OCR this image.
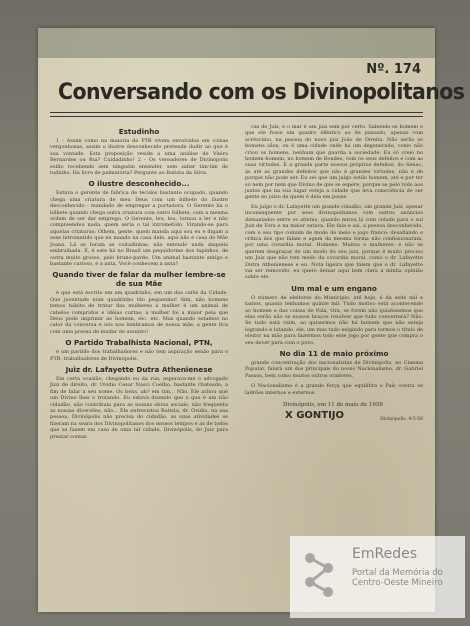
Nº. 174
Conversando com os Divinopolitanos
Estudinho

1 - Assim como na maioria do PTB vivem envolvidos em coisas vergonhosas, assim o ilustre desconhecido pretende iludir ao que é sua vontade. Esta proposição reside a uma análise de Vieira Bernardes ou Rui? Cuidadinho! 2 - Os vereadores de Divinópolis estão recebendo sem ninguém entender, sem saber tim-tim de tudinho. Ha livro de palmatória? Pergunte ao Batista da Silva.

O ilustre desconhecido...

Estava o gerente de fabrica de tecidos bastante ocupado, quando chega uma criatura de meu Deus com um bilhete do ilustre desconhecido - mandado de empregar a portadora. O Gerente lia o bilhete quando chega outra criatura com outro bilhete, com a mesma ordem de ser dar emprego. O Gerente, leu, leu, tornou a ler e não compreendeu nada, quem seria o tal intrometido. Virando-se para aquelas criaturas: Olhem, gente, quem manda aqui sou eu e digam a esse intrometido que eu mando na casa dele, aqui não é casa de Mãe Joana. Lá se foram as coitadinhas, não entendo nada daquela embrulhada. É, é este há no Brasil um pequidorme dos tapinhos, de outra muito grosso, pelo bruno-pardo. Um animal bastante antigo e bastante curioso, é a anta. Você conhecem a anta?

Quando tiver de falar da mulher lembre-se de sua Mãe

é que está escrito em um quadrinho, em um dos cafés da Cidade. Que juventude num quadrinho tão pequenino! Sim, não homens temos hábito de tratar das mulheres a mulher é um animal de cabelos compridos e idéias curtas; a mulher foi a maior peia que Deus pode imprimir ao homem, etc. etc. Mas quando estamos no calor da conversa e nós nos lembramos de nossa mãe, a gente fica com uma pressa de mudar de assunto!

O Partido Trabalhista Nacional, PTN,

é um partido dos trabalhadores e não tem aspiração senão para o PTB, trabalhadores de Divinópolis.

Juiz dr. Lafayette Dutra Athenienese

Em certa ocasião, chegando eu da rua, esperava-me o advogado Juiz de direito, dr. Ovidio Cesar Nasci Coelho, bastante chateado, a fim de falar a seu nome. Os bens, ah? em tim... Não. Ele achou que um Divino lhes o trotando. Eu estava dizendo que o que é um não cidadão, não contribuía para as nossas obras sociais, não frequenta as nossas diversões, não... Ele entrevistou Batista, dr. Ovidio, na sua pessoa, Divinópolis não precisa do cidadão, as suas atividades se fizeram na seara dos Divinopolitanos dos nossos tempos e as de todos que se fazem em casa de uma tal cidade, Divinópolis, do Juiz para prestar contas

cas de Juiz, e o mar é um juiz sem por certo. Sabendo-se homem e que ele fosse um quadro idêntico ao de passado, apenas com acréscimo, na pessoa do novo juiz João de Direita. Não serão só homens sãos, ou é uma cidade onde há um degenerado, como não criou os homens, nenhum que guarda a sociedade. Eu só creio no homem-homem, no homem de Bondes, com os seus defeitos e com as suas virtudes. E a grande parte nossos próprios defeitos, do Senac, às até as grandes defeitos que não é grandes virtudes, não é de porque não pode ser. Eu sei que um julgo estilo homem, até e por ter só nem por nem que Divino de que se espere, porque se pelo todo aos justos que na sua lugar esteja a cidade que leva consciência de ser gente no juízo de quem é dela em posse.

Eu julgo o dr. Lafayette um grande cidadão, um grande Juiz, apesar inconsequente por seus divinopolitanos com outros anúncios demasiados entre os atletas, quando mirou lá com cidade para o sul Juiz de Fora e na maior estava. Ele fala e sai, a pessoa desconhecido, com o seu tipo comum de modo do meio e jogo franco: desafiando e crítica dos que falam e agem da mesma forma não confissionaram, por uma covardia moral. Homens: Muitos e mulheres: e não se querem desgraçar de um modo do seu juiz, porque é muito preciso um Juiz que não tem medo da covardia moral, como o dr. Lafayette Dutra Athenienese e eu. Nota ligeira que falem que o dr. Lafayette vai ser removido, eu quero deixar aqui bem clara a minha opinião sobre ele.

Um mal e um engano

O número de eleitores do Município, até hoje, é da sede mil e tantos, quanto tenhamos quinze mil. Tudo motivo está acontecendo ao homem e das coisas de Pala, Ora, se forem não quiséssemos que eles serão não os nossos braços resolver que tudo converterá? Não. Se tudo está ruim, ao quisermos não há homem que não esteja logrando e lutando, ele, um mas tudo exigindo para termos o título de eleitor na mão para fazermos todo este jogo por gente que compra o seu dever para com o povo.

No dia 11 de maio próximo

grande concentração dos nacionalistas de Divinópolis, no Cinema Popular, falará um dos principais do nosso Nacionalismo, dr. Gabriel Passos, bem como muitos outros oradores.

O Nacionalismo é a grande força que equilibra o País contra os ladrões internos e externos.

Divinópolis, em 11 de maio de 1958
X GONTIJO	Divinópolis, 4-5-58
EmRedes
Portal da Memória do Centro-Oeste Mineiro
